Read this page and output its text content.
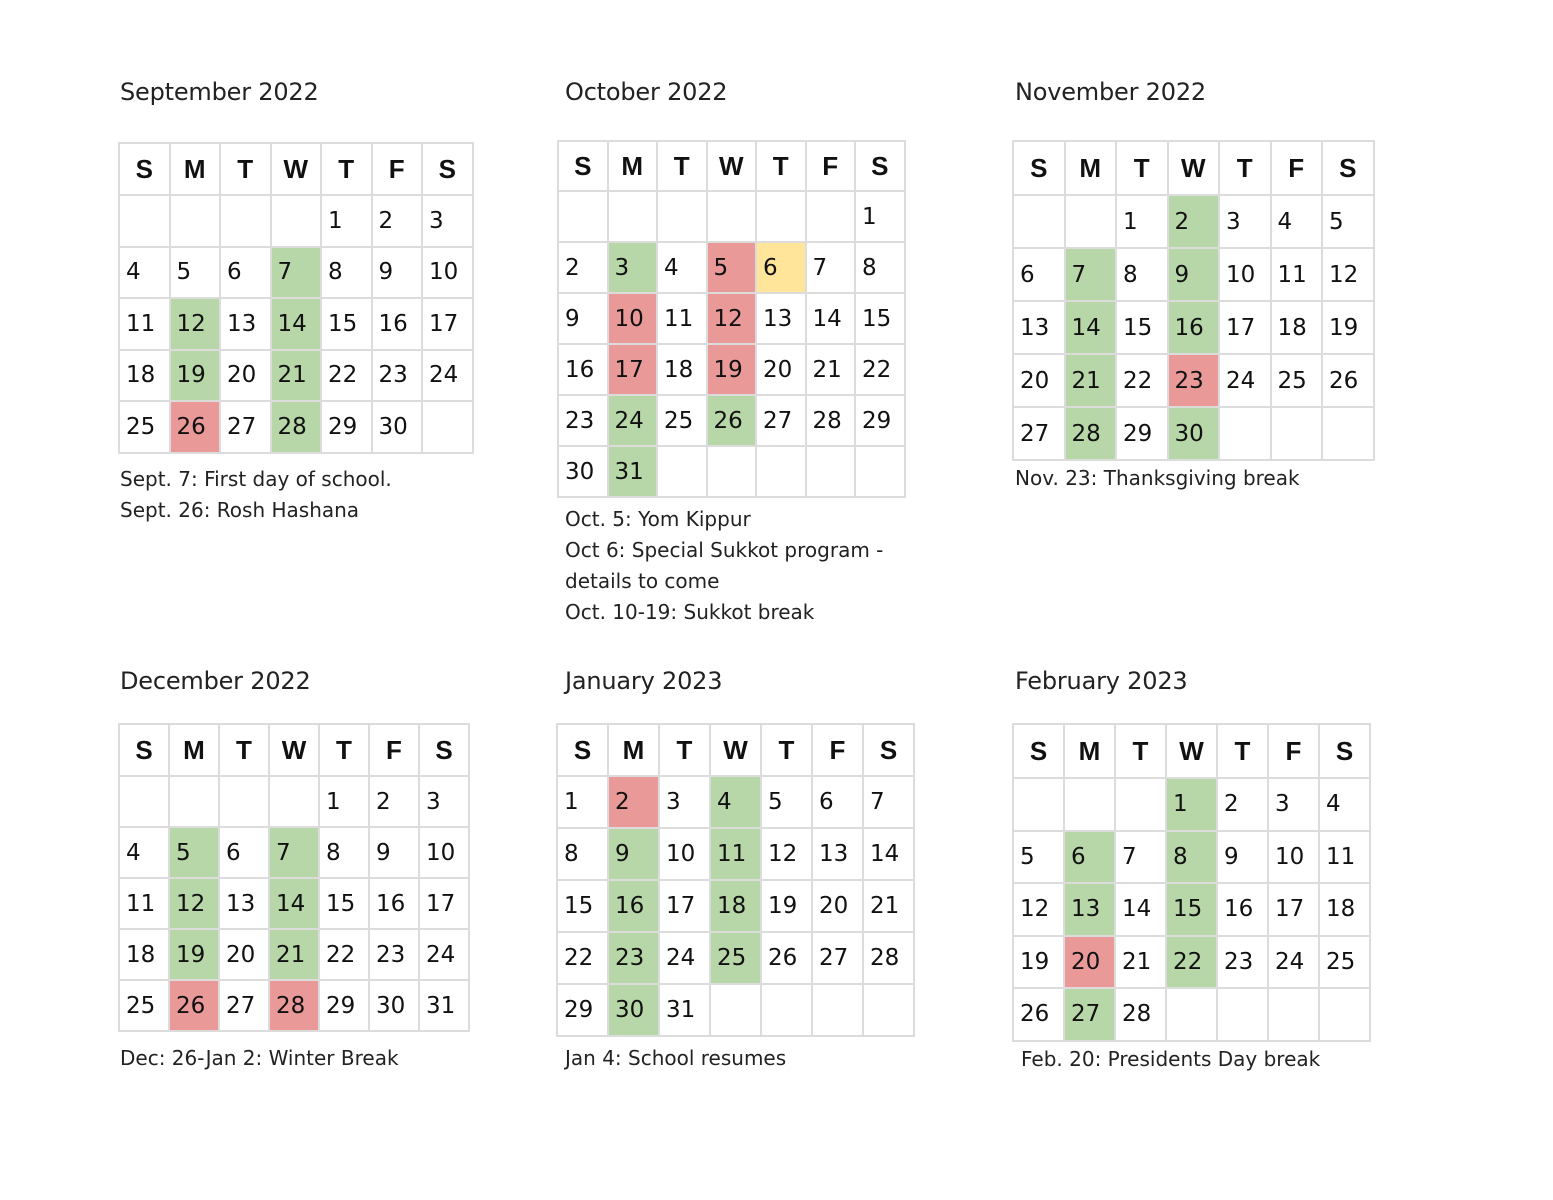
September 2022
S	M	T	W	T	F	S
				1	2	3
4	5	6	7	8	9	10
11	12	13	14	15	16	17
18	19	20	21	22	23	24
25	26	27	28	29	30	
Sept. 7: First day of school.
Sept. 26: Rosh Hashana
October 2022
S	M	T	W	T	F	S
						1
2	3	4	5	6	7	8
9	10	11	12	13	14	15
16	17	18	19	20	21	22
23	24	25	26	27	28	29
30	31					
Oct. 5: Yom Kippur
Oct 6: Special Sukkot program -
details to come
Oct. 10-19: Sukkot break
November 2022
S	M	T	W	T	F	S
		1	2	3	4	5
6	7	8	9	10	11	12
13	14	15	16	17	18	19
20	21	22	23	24	25	26
27	28	29	30			
Nov. 23: Thanksgiving break
December 2022
S	M	T	W	T	F	S
				1	2	3
4	5	6	7	8	9	10
11	12	13	14	15	16	17
18	19	20	21	22	23	24
25	26	27	28	29	30	31
Dec: 26-Jan 2: Winter Break
January 2023
S	M	T	W	T	F	S
1	2	3	4	5	6	7
8	9	10	11	12	13	14
15	16	17	18	19	20	21
22	23	24	25	26	27	28
29	30	31				
Jan 4: School resumes
February 2023
S	M	T	W	T	F	S
			1	2	3	4
5	6	7	8	9	10	11
12	13	14	15	16	17	18
19	20	21	22	23	24	25
26	27	28				
Feb. 20: Presidents Day break
